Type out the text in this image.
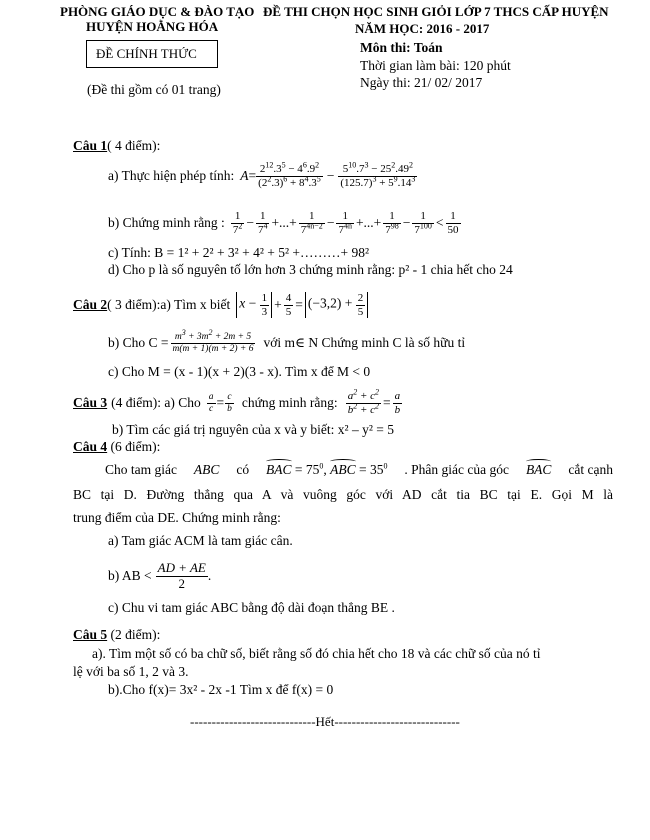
PHÒNG GIÁO DỤC & ĐÀO TẠO
HUYỆN HOẰNG HÓA
ĐỀ CHÍNH THỨC
(Đề thi gồm có 01 trang)
ĐỀ THI CHỌN HỌC SINH GIỎI LỚP 7 THCS CẤP HUYỆN
NĂM HỌC: 2016 - 2017
Môn thi: Toán
Thời gian làm bài: 120 phút
Ngày thi: 21/ 02/ 2017
Câu 1( 4 điểm):
a) Thực hiện phép tính: $A = \frac{2^{12}.3^5 - 4^6.9^2}{(2^2.3)^6 + 8^4.3^5} - \frac{5^{10}.7^3 - 25^2.49^2}{(125.7)^3 + 5^9.14^3}$
b) Chứng minh rằng : $\frac{1}{7^2} - \frac{1}{7^4}$ +...+ $\frac{1}{7^{4n-2}} - \frac{1}{7^{4n}}$ +...+ $\frac{1}{7^{98}} - \frac{1}{7^{100}} < \frac{1}{50}$
c) Tính: B = 1² + 2² + 3² + 4² + 5² +………+ 98²
d) Cho p là số nguyên tố lớn hơn 3 chứng minh rằng: p² - 1 chia hết cho 24
Câu 2 ( 3 điểm):a) Tìm x biết $x - \frac{1}{3} + \frac{4}{5} = (-3,2) + \frac{2}{5}$
b) Cho $C = \frac{m^3 + 3m^2 + 2m + 5}{m(m + 1)(m + 2) + 6}$ với m∈ N Chứng minh C là số hữu tỉ
c) Cho M = (x - 1)(x + 2)(3 - x). Tìm x để M < 0
Câu 3 (4 điểm): a) Cho $\frac{a}{c} = \frac{c}{b}$ chứng minh rằng: $\frac{a^2 + c^2}{b^2 + c^2} = \frac{a}{b}$
b) Tìm các giá trị nguyên của x và y biết: x² – y² = 5
Câu 4 (6 điểm):
Cho tam giác ABC có BAC = $75^0$, ABC = $35^0$ . Phân giác của góc BAC cắt cạnh
BC tại D. Đường thẳng qua A và vuông góc với AD cắt tia BC tại E. Gọi M là
trung điểm của DE. Chứng minh rằng:
a) Tam giác ACM là tam giác cân.
b) AB < $\frac{AD + AE}{2}$ .
c) Chu vi tam giác ABC bằng độ dài đoạn thẳng BE .
Câu 5 (2 điểm):
a). Tìm một số có ba chữ số, biết rằng số đó chia hết cho 18 và các chữ số của nó tỉ
lệ với ba số 1, 2 và 3.
b).Cho f(x)= 3x² - 2x -1 Tìm x để f(x) = 0
-----------------------------Hết-----------------------------
